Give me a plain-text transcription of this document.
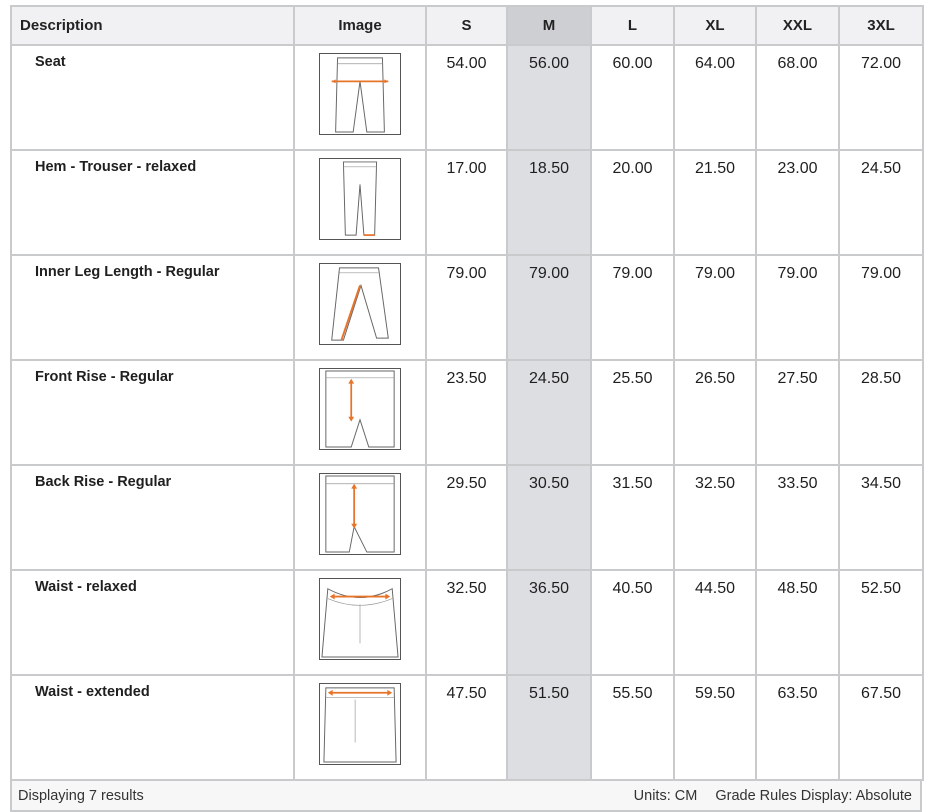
Description	Image	S	M	L	XL	XXL	3XL
Seat		54.00	56.00	60.00	64.00	68.00	72.00
Hem - Trouser - relaxed		17.00	18.50	20.00	21.50	23.00	24.50
Inner Leg Length - Regular		79.00	79.00	79.00	79.00	79.00	79.00
Front Rise - Regular		23.50	24.50	25.50	26.50	27.50	28.50
Back Rise - Regular		29.50	30.50	31.50	32.50	33.50	34.50
Waist - relaxed		32.50	36.50	40.50	44.50	48.50	52.50
Waist - extended		47.50	51.50	55.50	59.50	63.50	67.50
Displaying 7 results	Units: CM Grade Rules Display: Absolute
